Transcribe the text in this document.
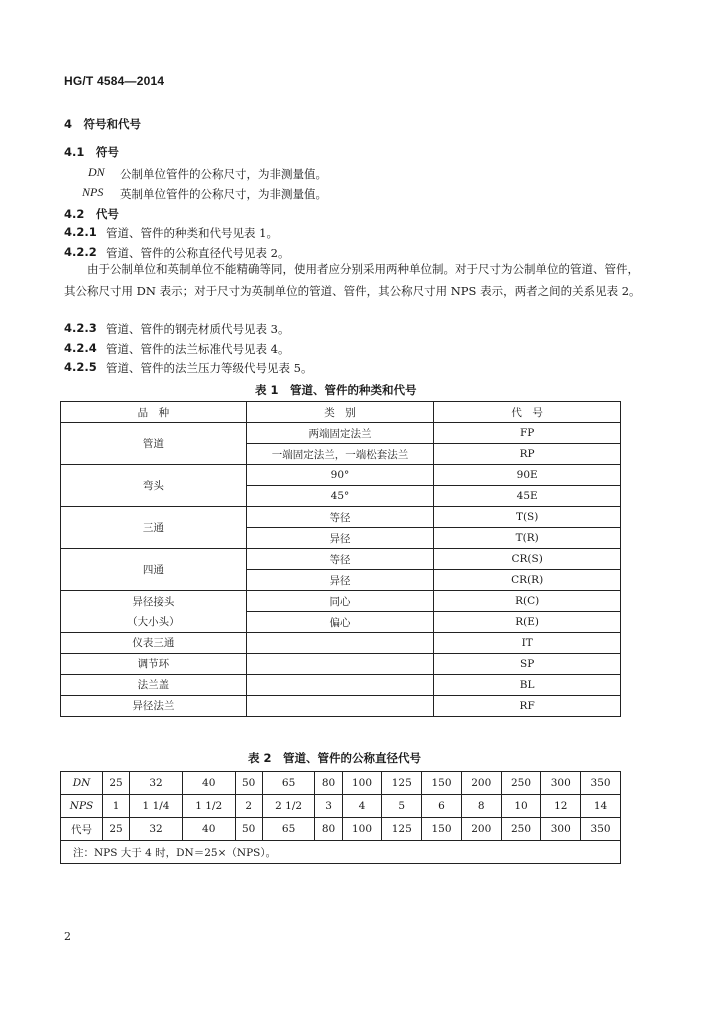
HG/T 4584—2014
4　符号和代号
4.1　符号
DN 公制单位管件的公称尺寸，为非测量值。
NPS 英制单位管件的公称尺寸，为非测量值。
4.2　代号
4.2.1 管道、管件的种类和代号见表 1。
4.2.2 管道、管件的公称直径代号见表 2。
由于公制单位和英制单位不能精确等同，使用者应分别采用两种单位制。对于尺寸为公制单位的管道、管件，其公称尺寸用 DN 表示；对于尺寸为英制单位的管道、管件，其公称尺寸用 NPS 表示，两者之间的关系见表 2。
4.2.3 管道、管件的钢壳材质代号见表 3。
4.2.4 管道、管件的法兰标准代号见表 4。
4.2.5 管道、管件的法兰压力等级代号见表 5。
表 1　管道、管件的种类和代号
品　种	类　别	代　号
管道	两端固定法兰	FP
	一端固定法兰，一端松套法兰	RP
弯头	90°	90E
	45°	45E
三通	等径	T(S)
	异径	T(R)
四通	等径	CR(S)
	异径	CR(R)
异径接头
（大小头）	同心	R(C)
	偏心	R(E)
仪表三通		IT
调节环		SP
法兰盖		BL
异径法兰		RF
表 2　管道、管件的公称直径代号
DN	25	32	40	50	65	80	100	125	150	200	250	300	350
NPS	1	1 1/4	1 1/2	2	2 1/2	3	4	5	6	8	10	12	14
代号	25	32	40	50	65	80	100	125	150	200	250	300	350
注：NPS 大于 4 时，DN＝25×（NPS）。													
2
